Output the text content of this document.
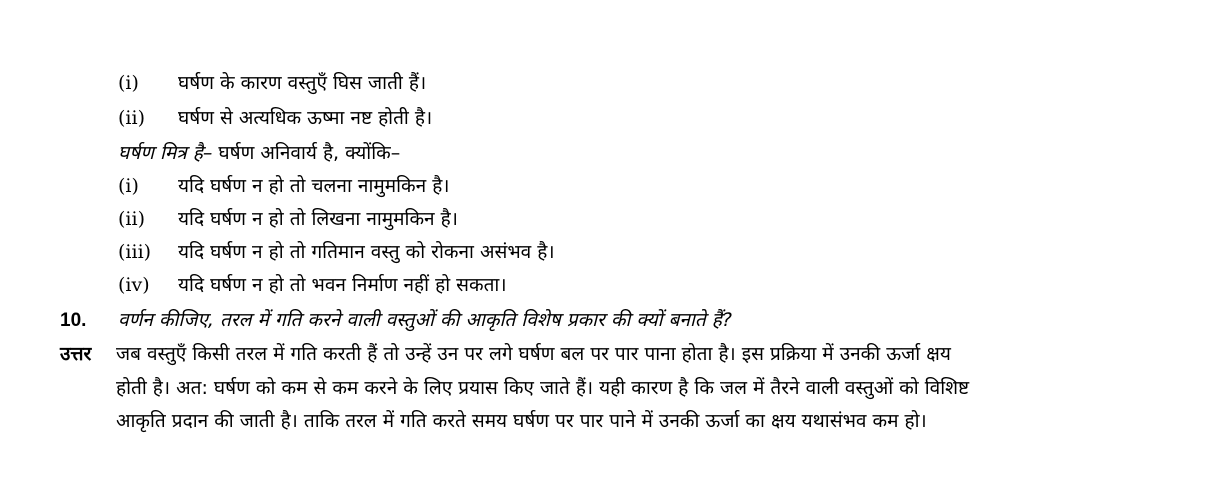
(i) घर्षण के कारण वस्तुएँ घिस जाती हैं।
(ii) घर्षण से अत्यधिक ऊष्मा नष्ट होती है।
घर्षण मित्र है– घर्षण अनिवार्य है, क्योंकि–
(i) यदि घर्षण न हो तो चलना नामुमकिन है।
(ii) यदि घर्षण न हो तो लिखना नामुमकिन है।
(iii) यदि घर्षण न हो तो गतिमान वस्तु को रोकना असंभव है।
(iv) यदि घर्षण न हो तो भवन निर्माण नहीं हो सकता।
10. वर्णन कीजिए, तरल में गति करने वाली वस्तुओं की आकृति विशेष प्रकार की क्यों बनाते हैं?
उत्तर जब वस्तुएँ किसी तरल में गति करती हैं तो उन्हें उन पर लगे घर्षण बल पर पार पाना होता है। इस प्रक्रिया में उनकी ऊर्जा क्षय
होती है। अत: घर्षण को कम से कम करने के लिए प्रयास किए जाते हैं। यही कारण है कि जल में तैरने वाली वस्तुओं को विशिष्ट
आकृति प्रदान की जाती है। ताकि तरल में गति करते समय घर्षण पर पार पाने में उनकी ऊर्जा का क्षय यथासंभव कम हो।
